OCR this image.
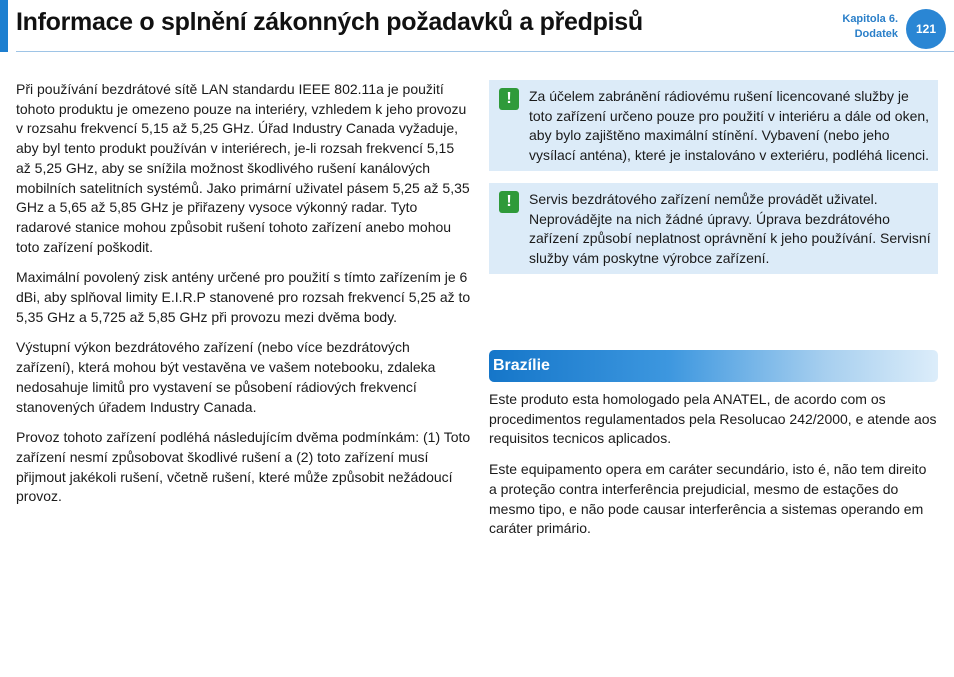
Informace o splnění zákonných požadavků a předpisů	Kapitola 6.
Dodatek	121

Při používání bezdrátové sítě LAN standardu IEEE 802.11a je použití tohoto produktu je omezeno pouze na interiéry, vzhledem k jeho provozu v rozsahu frekvencí 5,15 až 5,25 GHz. Úřad Industry Canada vyžaduje, aby byl tento produkt používán v interiérech, je-li rozsah frekvencí 5,15 až 5,25 GHz, aby se snížila možnost škodlivého rušení kanálových mobilních satelitních systémů. Jako primární uživatel pásem 5,25 až 5,35 GHz a 5,65 až 5,85 GHz je přiřazeny vysoce výkonný radar. Tyto radarové stanice mohou způsobit rušení tohoto zařízení anebo mohou toto zařízení poškodit.

Maximální povolený zisk antény určené pro použití s tímto zařízením je 6 dBi, aby splňoval limity E.I.R.P stanovené pro rozsah frekvencí 5,25 až to 5,35 GHz a 5,725 až 5,85 GHz při provozu mezi dvěma body.

Výstupní výkon bezdrátového zařízení (nebo více bezdrátových zařízení), která mohou být vestavěna ve vašem notebooku, zdaleka nedosahuje limitů pro vystavení se působení rádiových frekvencí stanovených úřadem Industry Canada.

Provoz tohoto zařízení podléhá následujícím dvěma podmínkám: (1) Toto zařízení nesmí způsobovat škodlivé rušení a (2) toto zařízení musí přijmout jakékoli rušení, včetně rušení, které může způsobit nežádoucí provoz.

!	Za účelem zabránění rádiovému rušení licencované služby je toto zařízení určeno pouze pro použití v interiéru a dále od oken, aby bylo zajištěno maximální stínění. Vybavení (nebo jeho vysílací anténa), které je instalováno v exteriéru, podléhá licenci.
!	Servis bezdrátového zařízení nemůže provádět uživatel. Neprovádějte na nich žádné úpravy. Úprava bezdrátového zařízení způsobí neplatnost oprávnění k jeho používání. Servisní služby vám poskytne výrobce zařízení.
Brazílie

Este produto esta homologado pela ANATEL, de acordo com os procedimentos regulamentados pela Resolucao 242/2000, e atende aos requisitos tecnicos aplicados.

Este equipamento opera em caráter secundário, isto é, não tem direito a proteção contra interferência prejudicial, mesmo de estações do mesmo tipo, e não pode causar interferência a sistemas operando em caráter primário.
